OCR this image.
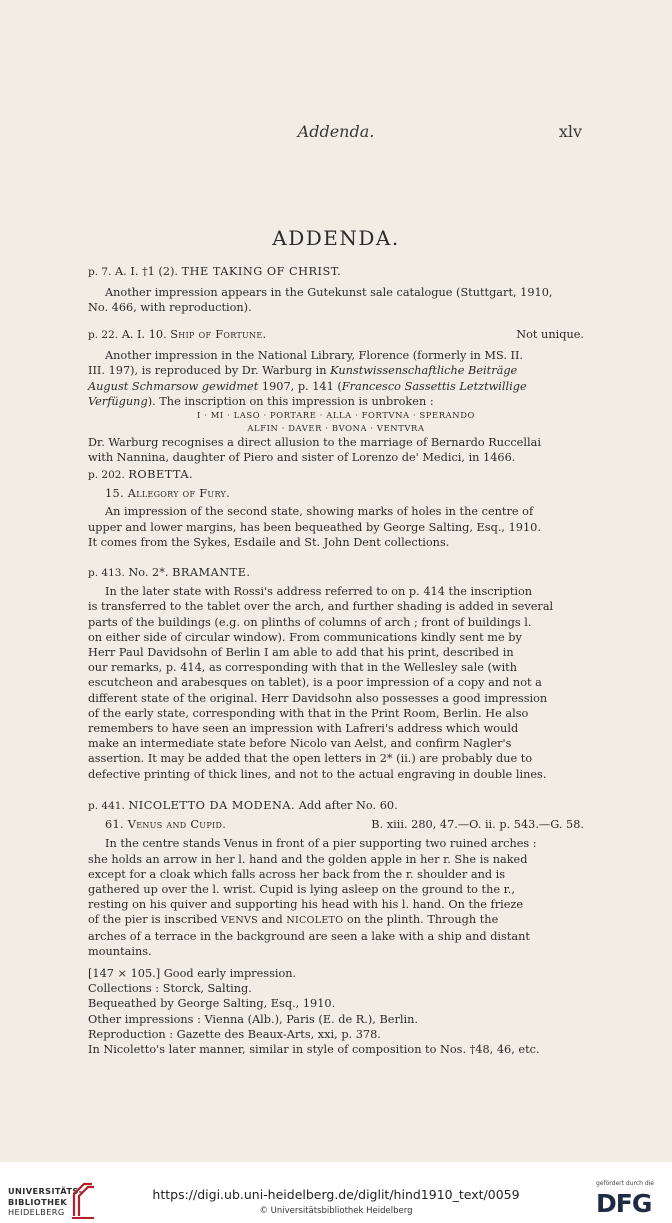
Addenda.	xlv
ADDENDA.
p. 7. A. I. †1 (2). THE TAKING OF CHRIST.
Another impression appears in the Gutekunst sale catalogue (Stuttgart, 1910,
No. 466, with reproduction).
p. 22. A. I. 10. Ship of Fortune.	Not unique.
Another impression in the National Library, Florence (formerly in MS. II.
III. 197), is reproduced by Dr. Warburg in Kunstwissenschaftliche Beiträge
August Schmarsow gewidmet 1907, p. 141 (Francesco Sassettis Letztwillige
Verfügung). The inscription on this impression is unbroken :
I · MI · LASO · PORTARE · ALLA · FORTVNA · SPERANDO
ALFIN · DAVER · BVONA · VENTVRA
Dr. Warburg recognises a direct allusion to the marriage of Bernardo Ruccellai
with Nannina, daughter of Piero and sister of Lorenzo de' Medici, in 1466.
p. 202. ROBETTA.
15. Allegory of Fury.
An impression of the second state, showing marks of holes in the centre of
upper and lower margins, has been bequeathed by George Salting, Esq., 1910.
It comes from the Sykes, Esdaile and St. John Dent collections.
p. 413. No. 2*. BRAMANTE.
In the later state with Rossi's address referred to on p. 414 the inscription
is transferred to the tablet over the arch, and further shading is added in several
parts of the buildings (e.g. on plinths of columns of arch ; front of buildings l.
on either side of circular window). From communications kindly sent me by
Herr Paul Davidsohn of Berlin I am able to add that his print, described in
our remarks, p. 414, as corresponding with that in the Wellesley sale (with
escutcheon and arabesques on tablet), is a poor impression of a copy and not a
different state of the original. Herr Davidsohn also possesses a good impression
of the early state, corresponding with that in the Print Room, Berlin. He also
remembers to have seen an impression with Lafreri's address which would
make an intermediate state before Nicolo van Aelst, and confirm Nagler's
assertion. It may be added that the open letters in 2* (ii.) are probably due to
defective printing of thick lines, and not to the actual engraving in double lines.
p. 441. NICOLETTO DA MODENA. Add after No. 60.
61. Venus and Cupid.	B. xiii. 280, 47.—O. ii. p. 543.—G. 58.
In the centre stands Venus in front of a pier supporting two ruined arches :
she holds an arrow in her l. hand and the golden apple in her r. She is naked
except for a cloak which falls across her back from the r. shoulder and is
gathered up over the l. wrist. Cupid is lying asleep on the ground to the r.,
resting on his quiver and supporting his head with his l. hand. On the frieze
of the pier is inscribed VENVS and NICOLETO on the plinth. Through the
arches of a terrace in the background are seen a lake with a ship and distant
mountains.
[147 × 105.] Good early impression.
Collections : Storck, Salting.
Bequeathed by George Salting, Esq., 1910.
Other impressions : Vienna (Alb.), Paris (E. de R.), Berlin.
Reproduction : Gazette des Beaux-Arts, xxi, p. 378.
In Nicoletto's later manner, similar in style of composition to Nos. †48, 46, etc.
UNIVERSITÄTS-
BIBLIOTHEK
HEIDELBERG
https://digi.ub.uni-heidelberg.de/diglit/hind1910_text/0059
© Universitätsbibliothek Heidelberg
gefördert durch die
DFG
